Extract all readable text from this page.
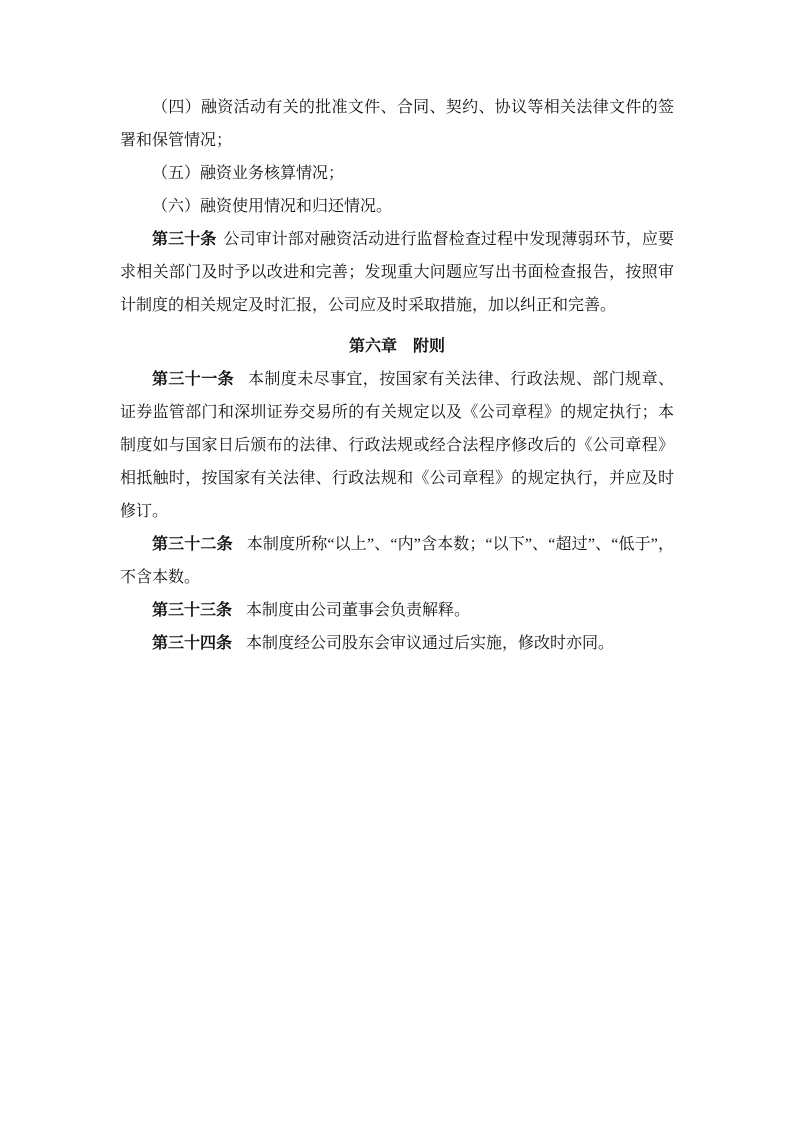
（四）融资活动有关的批准文件、合同、契约、协议等相关法律文件的签署和保管情况；

（五）融资业务核算情况；

（六）融资使用情况和归还情况。

第三十条 公司审计部对融资活动进行监督检查过程中发现薄弱环节，应要求相关部门及时予以改进和完善；发现重大问题应写出书面检查报告，按照审计制度的相关规定及时汇报，公司应及时采取措施，加以纠正和完善。

第六章　附则

第三十一条 本制度未尽事宜，按国家有关法律、行政法规、部门规章、证券监管部门和深圳证券交易所的有关规定以及《公司章程》的规定执行；本制度如与国家日后颁布的法律、行政法规或经合法程序修改后的《公司章程》相抵触时，按国家有关法律、行政法规和《公司章程》的规定执行，并应及时修订。

第三十二条 本制度所称“以上”、“内”含本数；“以下”、“超过”、“低于”，不含本数。

第三十三条 本制度由公司董事会负责解释。

第三十四条 本制度经公司股东会审议通过后实施，修改时亦同。
